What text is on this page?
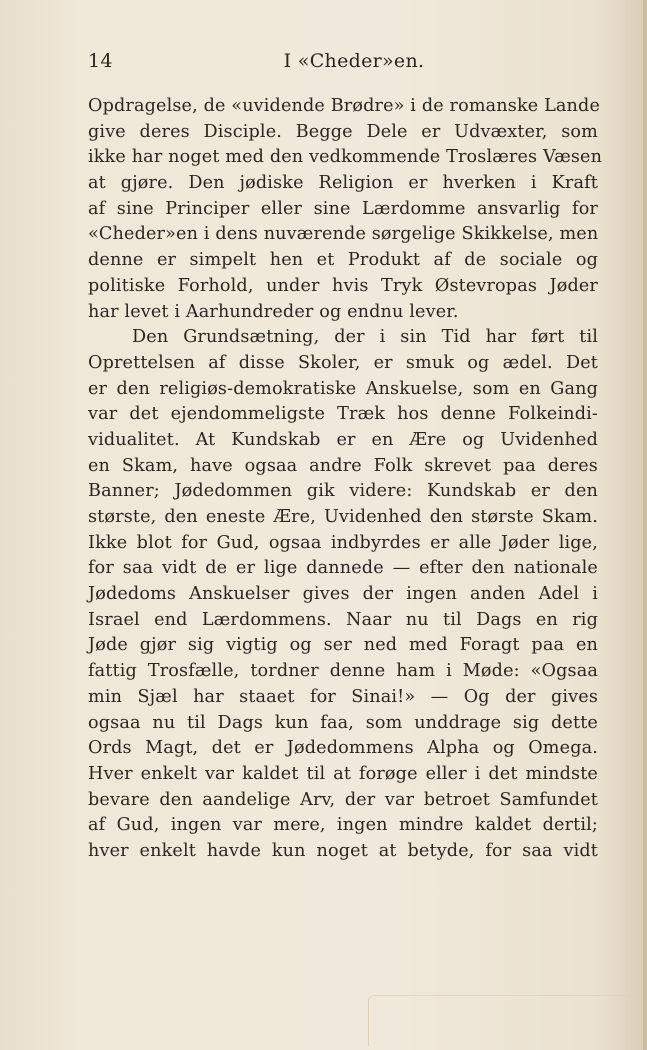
14	I «Cheder»en.
Opdragelse, de «uvidende Brødre» i de romanske Lande
give deres Disciple. Begge Dele er Udvæxter, som
ikke har noget med den vedkommende Troslæres Væsen
at gjøre. Den jødiske Religion er hverken i Kraft
af sine Principer eller sine Lærdomme ansvarlig for
«Cheder»en i dens nuværende sørgelige Skikkelse, men
denne er simpelt hen et Produkt af de sociale og
politiske Forhold, under hvis Tryk Østevropas Jøder
har levet i Aarhundreder og endnu lever.
Den Grundsætning, der i sin Tid har ført til
Oprettelsen af disse Skoler, er smuk og ædel. Det
er den religiøs-demokratiske Anskuelse, som en Gang
var det ejendommeligste Træk hos denne Folkeindi-
vidualitet. At Kundskab er en Ære og Uvidenhed
en Skam, have ogsaa andre Folk skrevet paa deres
Banner; Jødedommen gik videre: Kundskab er den
største, den eneste Ære, Uvidenhed den største Skam.
Ikke blot for Gud, ogsaa indbyrdes er alle Jøder lige,
for saa vidt de er lige dannede — efter den nationale
Jødedoms Anskuelser gives der ingen anden Adel i
Israel end Lærdommens. Naar nu til Dags en rig
Jøde gjør sig vigtig og ser ned med Foragt paa en
fattig Trosfælle, tordner denne ham i Møde: «Ogsaa
min Sjæl har staaet for Sinai!» — Og der gives
ogsaa nu til Dags kun faa, som unddrage sig dette
Ords Magt, det er Jødedommens Alpha og Omega.
Hver enkelt var kaldet til at forøge eller i det mindste
bevare den aandelige Arv, der var betroet Samfundet
af Gud, ingen var mere, ingen mindre kaldet dertil;
hver enkelt havde kun noget at betyde, for saa vidt
